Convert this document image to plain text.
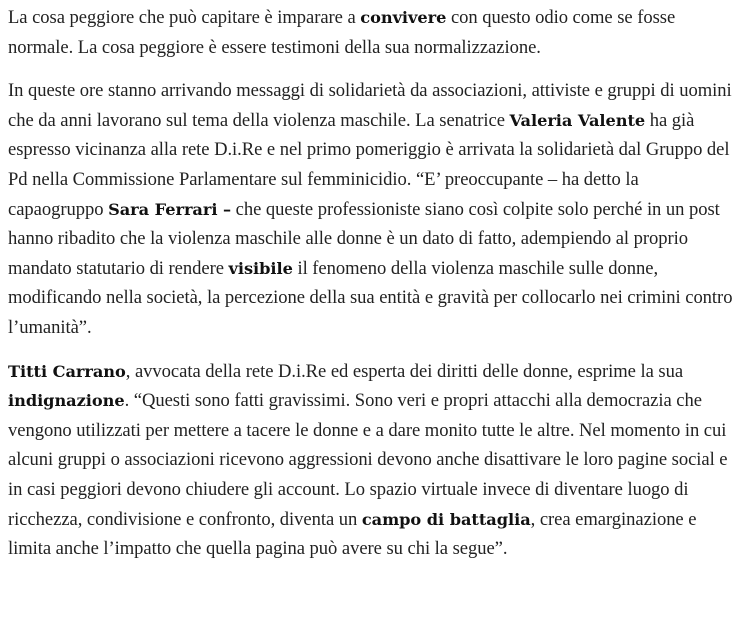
La cosa peggiore che può capitare è imparare a convivere con questo odio come se fosse normale. La cosa peggiore è essere testimoni della sua normalizzazione.

In queste ore stanno arrivando messaggi di solidarietà da associazioni, attiviste e gruppi di uomini che da anni lavorano sul tema della violenza maschile. La senatrice Valeria Valente ha già espresso vicinanza alla rete D.i.Re e nel primo pomeriggio è arrivata la solidarietà dal Gruppo del Pd nella Commissione Parlamentare sul femminicidio. “E’ preoccupante – ha detto la capaogruppo Sara Ferrari – che queste professioniste siano così colpite solo perché in un post hanno ribadito che la violenza maschile alle donne è un dato di fatto, adempiendo al proprio mandato statutario di rendere visibile il fenomeno della violenza maschile sulle donne, modificando nella società, la percezione della sua entità e gravità per collocarlo nei crimini contro l’umanità”.

Titti Carrano, avvocata della rete D.i.Re ed esperta dei diritti delle donne, esprime la sua indignazione. “Questi sono fatti gravissimi. Sono veri e propri attacchi alla democrazia che vengono utilizzati per mettere a tacere le donne e a dare monito tutte le altre. Nel momento in cui alcuni gruppi o associazioni ricevono aggressioni devono anche disattivare le loro pagine social e in casi peggiori devono chiudere gli account. Lo spazio virtuale invece di diventare luogo di ricchezza, condivisione e confronto, diventa un campo di battaglia, crea emarginazione e limita anche l’impatto che quella pagina può avere su chi la segue”.
